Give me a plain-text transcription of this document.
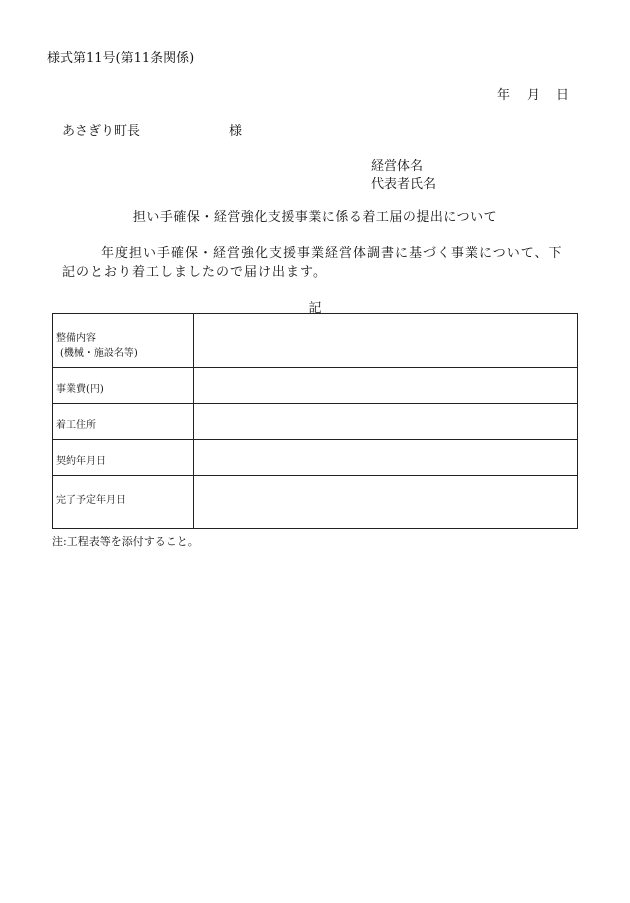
様式第11号(第11条関係)
年 月 日
あさぎり町長	様
経営体名
代表者氏名
担い手確保・経営強化支援事業に係る着工届の提出について
年度担い手確保・経営強化支援事業経営体調書に基づく事業について、下
記のとおり着工しましたので届け出ます。
記
整備内容
(機械・施設名等)	

事業費(円)	

着工住所	

契約年月日	

完了予定年月日	

注:工程表等を添付すること。
